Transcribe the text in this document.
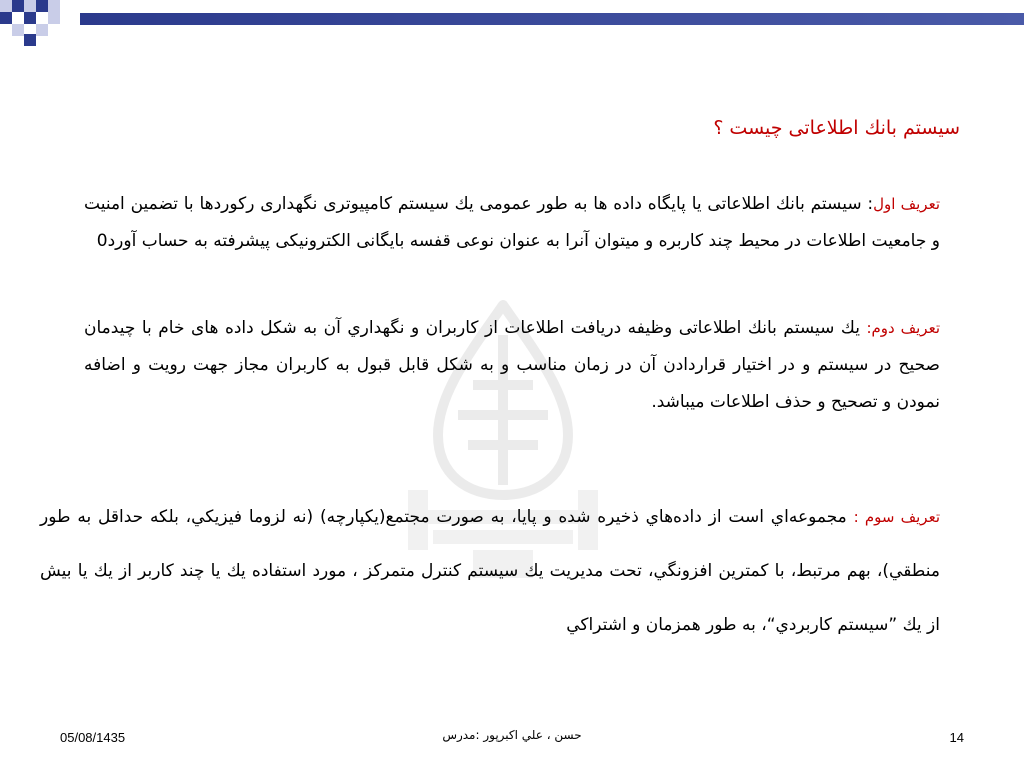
سیستم بانك اطلاعاتی چیست ؟
تعریف اول: سیستم بانك اطلاعاتی یا پایگاه داده ها به طور عمومی یك سیستم كامپیوتری نگهداری ركوردها با تضمین امنیت و جامعیت اطلاعات در محیط چند كاربره و میتوان آنرا به عنوان نوعی قفسه بایگانی الكترونیكی پیشرفته به حساب آورد0
تعریف دوم: یك سیستم بانك اطلاعاتی وظیفه دریافت اطلاعات از کاربران و نگهداري آن به شکل داده های خام با چیدمان صحیح در سیستم و در اختیار قراردادن آن در زمان مناسب و به شکل قابل قبول به کاربران مجاز جهت رویت و اضافه نمودن و تصحیح و حذف اطلاعات میباشد.
تعریف سوم : مجموعه‌اي است از داده‌هاي ذخيره شده و پايا، به صورت مجتمع(يكپارچه) (نه لزوما فيزيكي، بلكه حداقل به طور منطقي)، بهم مرتبط، با كمترين افزونگي، تحت مديريت يك سيستم كنترل متمركز ، مورد استفاده يك يا چند كاربر از يك يا بيش از يك ”سيستم كاربردي“، به طور همزمان و اشتراكي
05/08/1435	حسن ، علي اكبرپور :مدرس	14
